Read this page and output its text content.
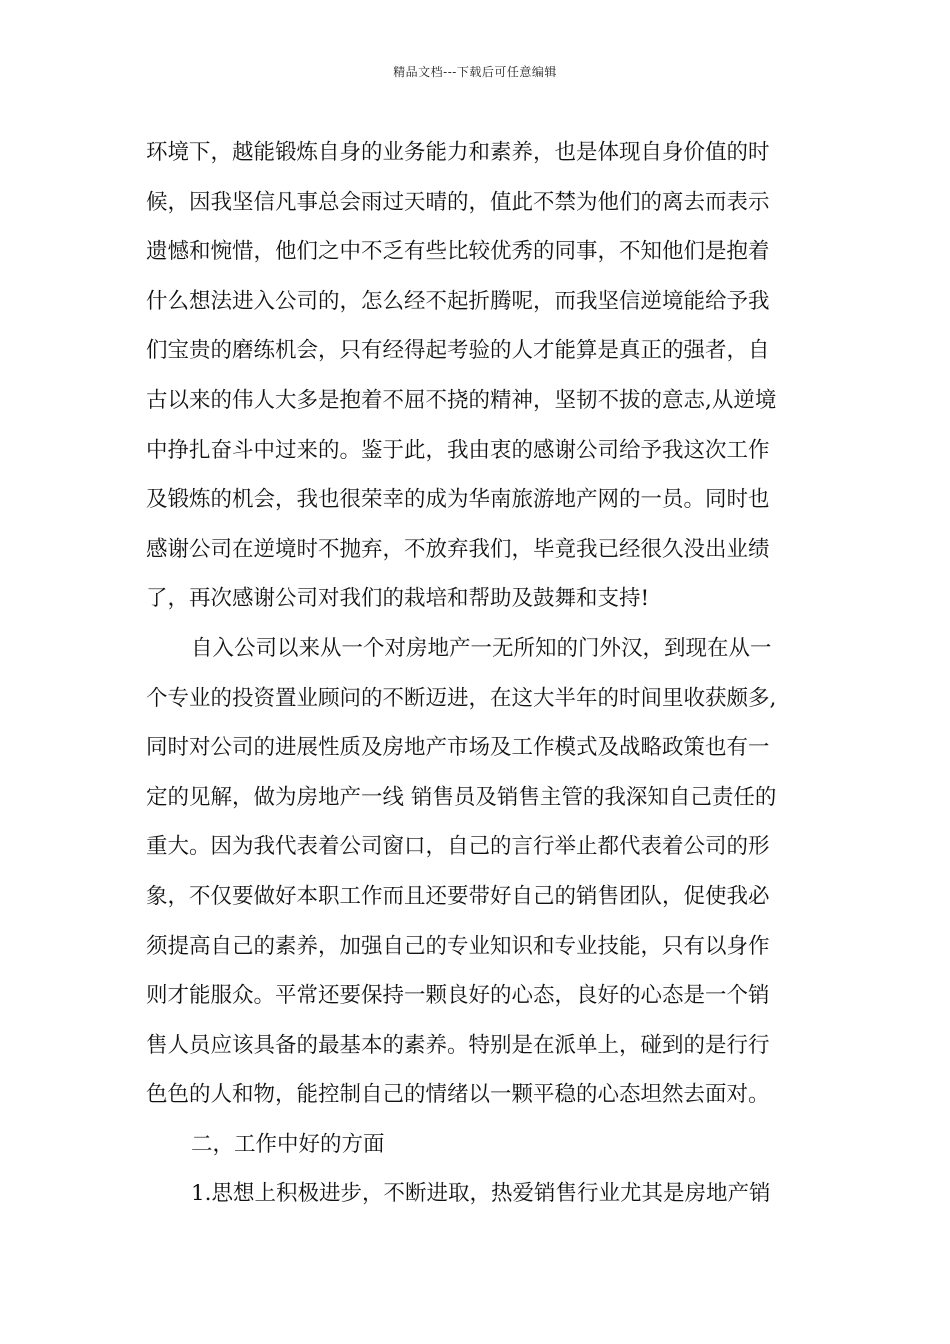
精品文档---下载后可任意编辑
环境下，越能锻炼自身的业务能力和素养，也是体现自身价值的时
候，因我坚信凡事总会雨过天晴的，值此不禁为他们的离去而表示
遗憾和惋惜，他们之中不乏有些比较优秀的同事，不知他们是抱着
什么想法进入公司的，怎么经不起折腾呢，而我坚信逆境能给予我
们宝贵的磨练机会，只有经得起考验的人才能算是真正的强者，自
古以来的伟人大多是抱着不屈不挠的精神，坚韧不拔的意志,从逆境
中挣扎奋斗中过来的。鉴于此，我由衷的感谢公司给予我这次工作
及锻炼的机会，我也很荣幸的成为华南旅游地产网的一员。同时也
感谢公司在逆境时不抛弃，不放弃我们，毕竟我已经很久没出业绩
了，再次感谢公司对我们的栽培和帮助及鼓舞和支持!
自入公司以来从一个对房地产一无所知的门外汉，到现在从一
个专业的投资置业顾问的不断迈进，在这大半年的时间里收获颇多,
同时对公司的进展性质及房地产市场及工作模式及战略政策也有一
定的见解，做为房地产一线 销售员及销售主管的我深知自己责任的
重大。因为我代表着公司窗口，自己的言行举止都代表着公司的形
象，不仅要做好本职工作而且还要带好自己的销售团队，促使我必
须提高自己的素养，加强自己的专业知识和专业技能，只有以身作
则才能服众。平常还要保持一颗良好的心态，良好的心态是一个销
售人员应该具备的最基本的素养。特别是在派单上，碰到的是行行
色色的人和物，能控制自己的情绪以一颗平稳的心态坦然去面对。
二，工作中好的方面
1.思想上积极进步，不断进取，热爱销售行业尤其是房地产销
